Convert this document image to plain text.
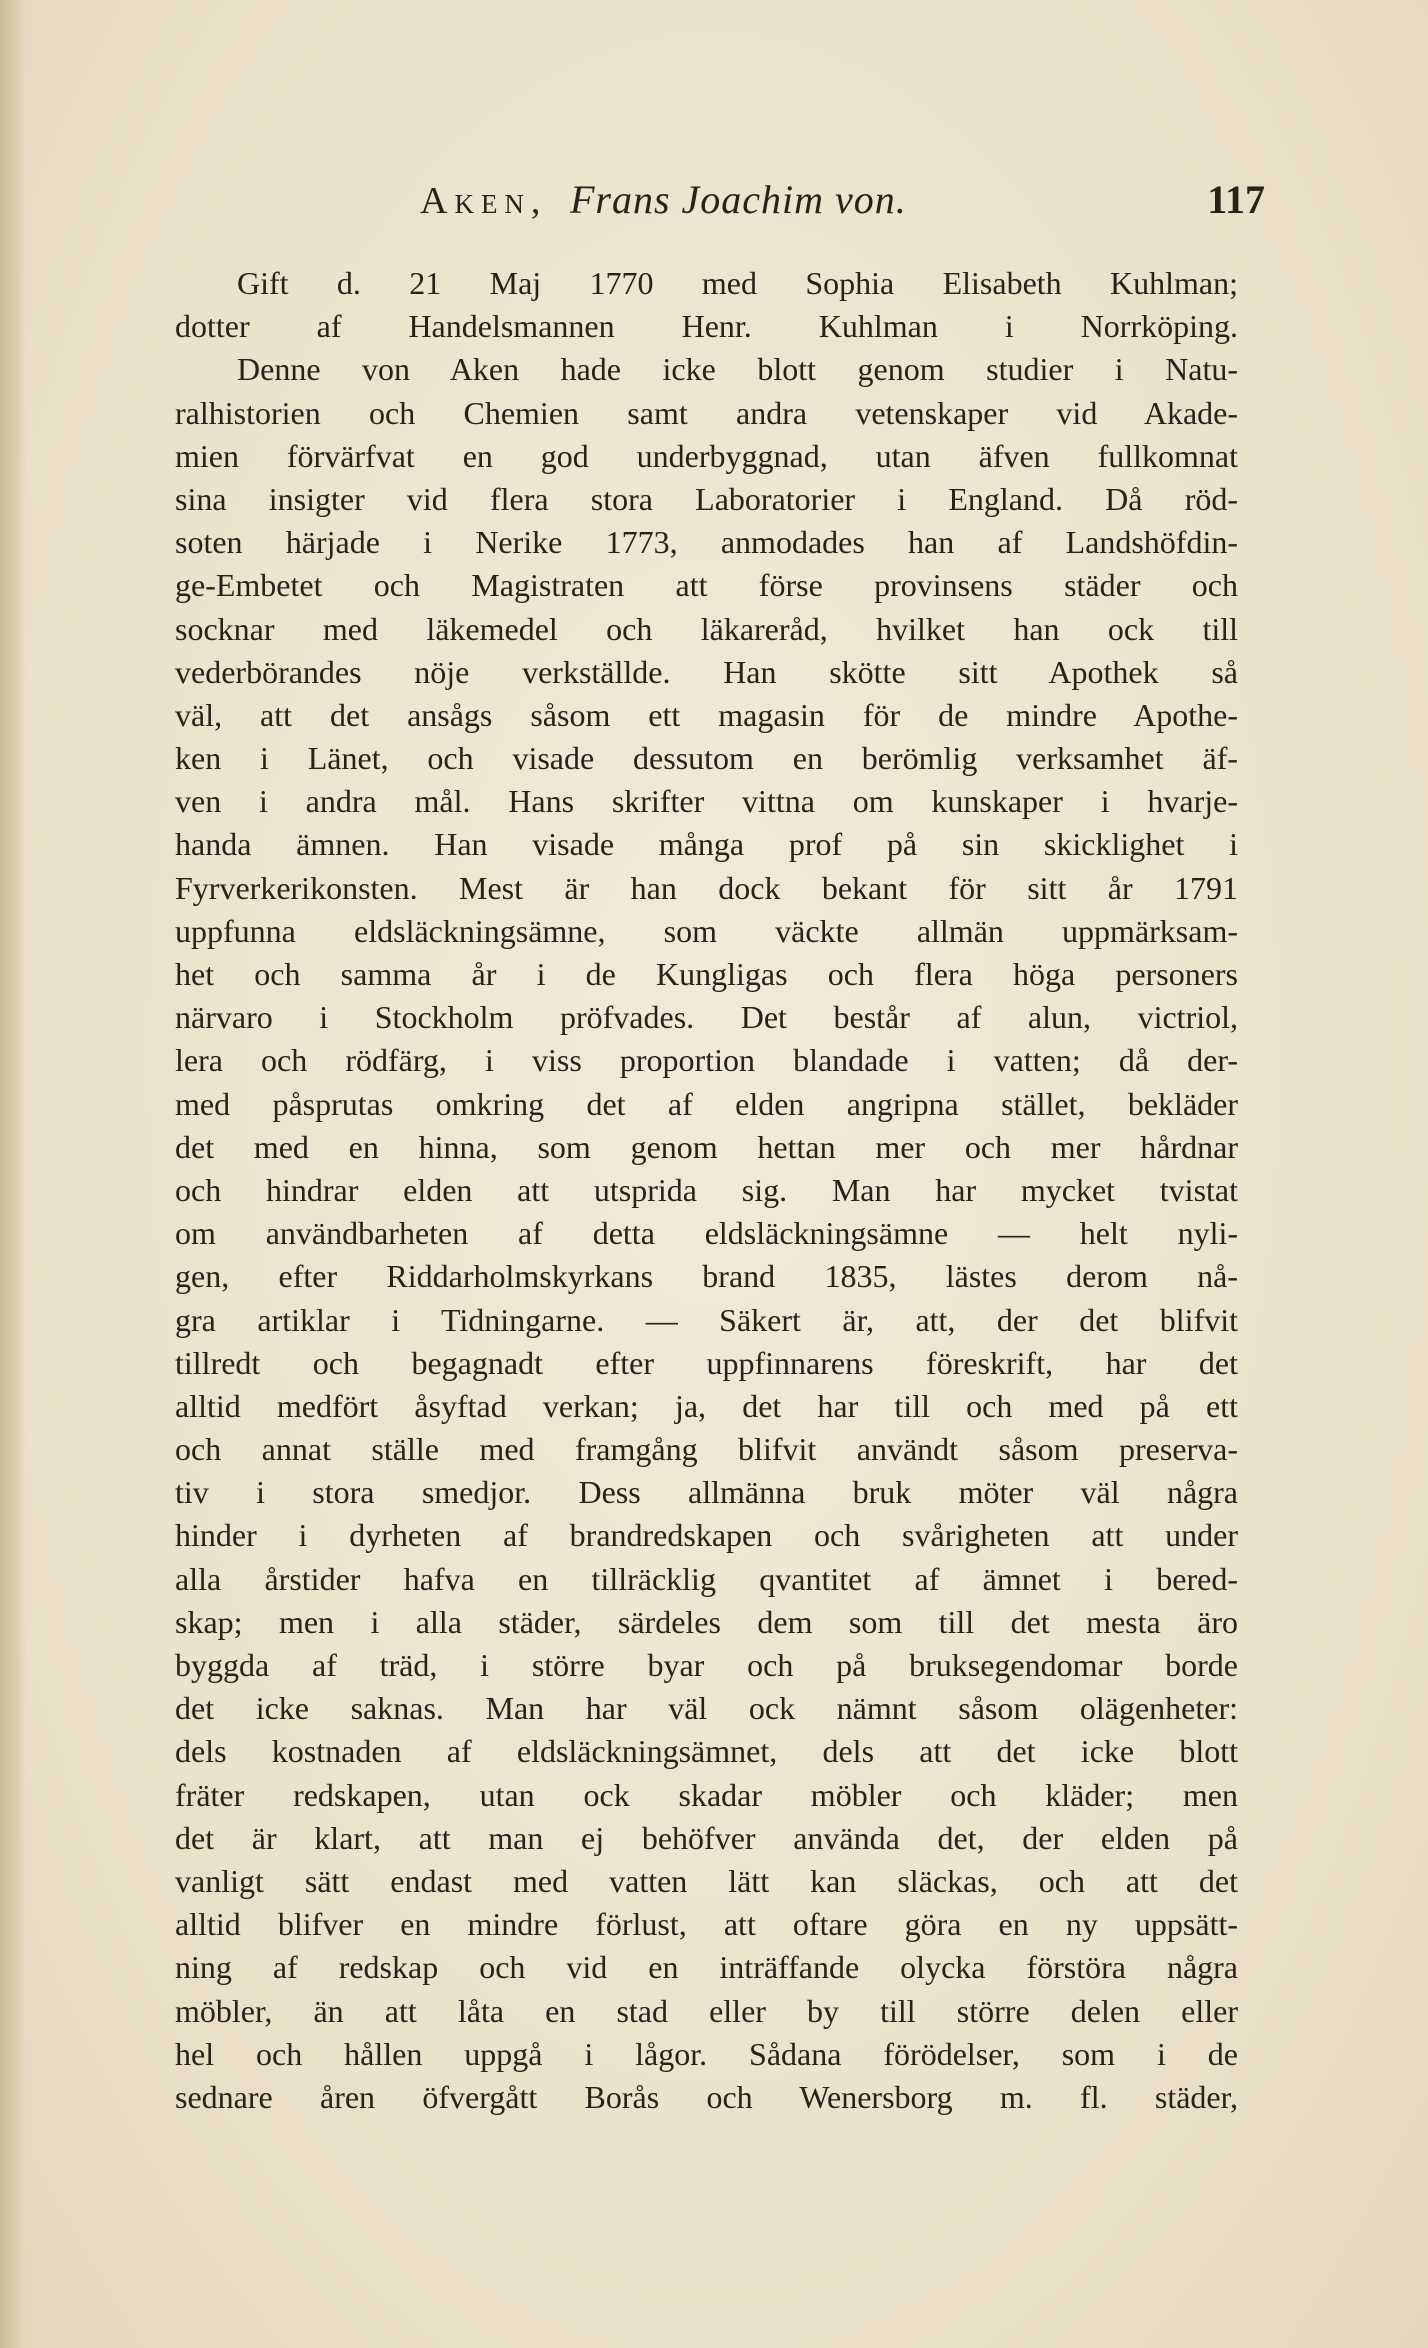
Aken, Frans Joachim von.	117
Gift d. 21 Maj 1770 med Sophia Elisabeth Kuhlman;
dotter af Handelsmannen Henr. Kuhlman i Norrköping.
Denne von Aken hade icke blott genom studier i Natu-
ralhistorien och Chemien samt andra vetenskaper vid Akade-
mien förvärfvat en god underbyggnad, utan äfven fullkomnat
sina insigter vid flera stora Laboratorier i England. Då röd-
soten härjade i Nerike 1773, anmodades han af Landshöfdin-
ge-Embetet och Magistraten att förse provinsens städer och
socknar med läkemedel och läkareråd, hvilket han ock till
vederbörandes nöje verkställde. Han skötte sitt Apothek så
väl, att det ansågs såsom ett magasin för de mindre Apothe-
ken i Länet, och visade dessutom en berömlig verksamhet äf-
ven i andra mål. Hans skrifter vittna om kunskaper i hvarje-
handa ämnen. Han visade många prof på sin skicklighet i
Fyrverkerikonsten. Mest är han dock bekant för sitt år 1791
uppfunna eldsläckningsämne, som väckte allmän uppmärksam-
het och samma år i de Kungligas och flera höga personers
närvaro i Stockholm pröfvades. Det består af alun, victriol,
lera och rödfärg, i viss proportion blandade i vatten; då der-
med påsprutas omkring det af elden angripna stället, bekläder
det med en hinna, som genom hettan mer och mer hårdnar
och hindrar elden att utsprida sig. Man har mycket tvistat
om användbarheten af detta eldsläckningsämne — helt nyli-
gen, efter Riddarholmskyrkans brand 1835, lästes derom nå-
gra artiklar i Tidningarne. — Säkert är, att, der det blifvit
tillredt och begagnadt efter uppfinnarens föreskrift, har det
alltid medfört åsyftad verkan; ja, det har till och med på ett
och annat ställe med framgång blifvit användt såsom preserva-
tiv i stora smedjor. Dess allmänna bruk möter väl några
hinder i dyrheten af brandredskapen och svårigheten att under
alla årstider hafva en tillräcklig qvantitet af ämnet i bered-
skap; men i alla städer, särdeles dem som till det mesta äro
byggda af träd, i större byar och på bruksegendomar borde
det icke saknas. Man har väl ock nämnt såsom olägenheter:
dels kostnaden af eldsläckningsämnet, dels att det icke blott
fräter redskapen, utan ock skadar möbler och kläder; men
det är klart, att man ej behöfver använda det, der elden på
vanligt sätt endast med vatten lätt kan släckas, och att det
alltid blifver en mindre förlust, att oftare göra en ny uppsätt-
ning af redskap och vid en inträffande olycka förstöra några
möbler, än att låta en stad eller by till större delen eller
hel och hållen uppgå i lågor. Sådana förödelser, som i de
sednare åren öfvergått Borås och Wenersborg m. fl. städer,
